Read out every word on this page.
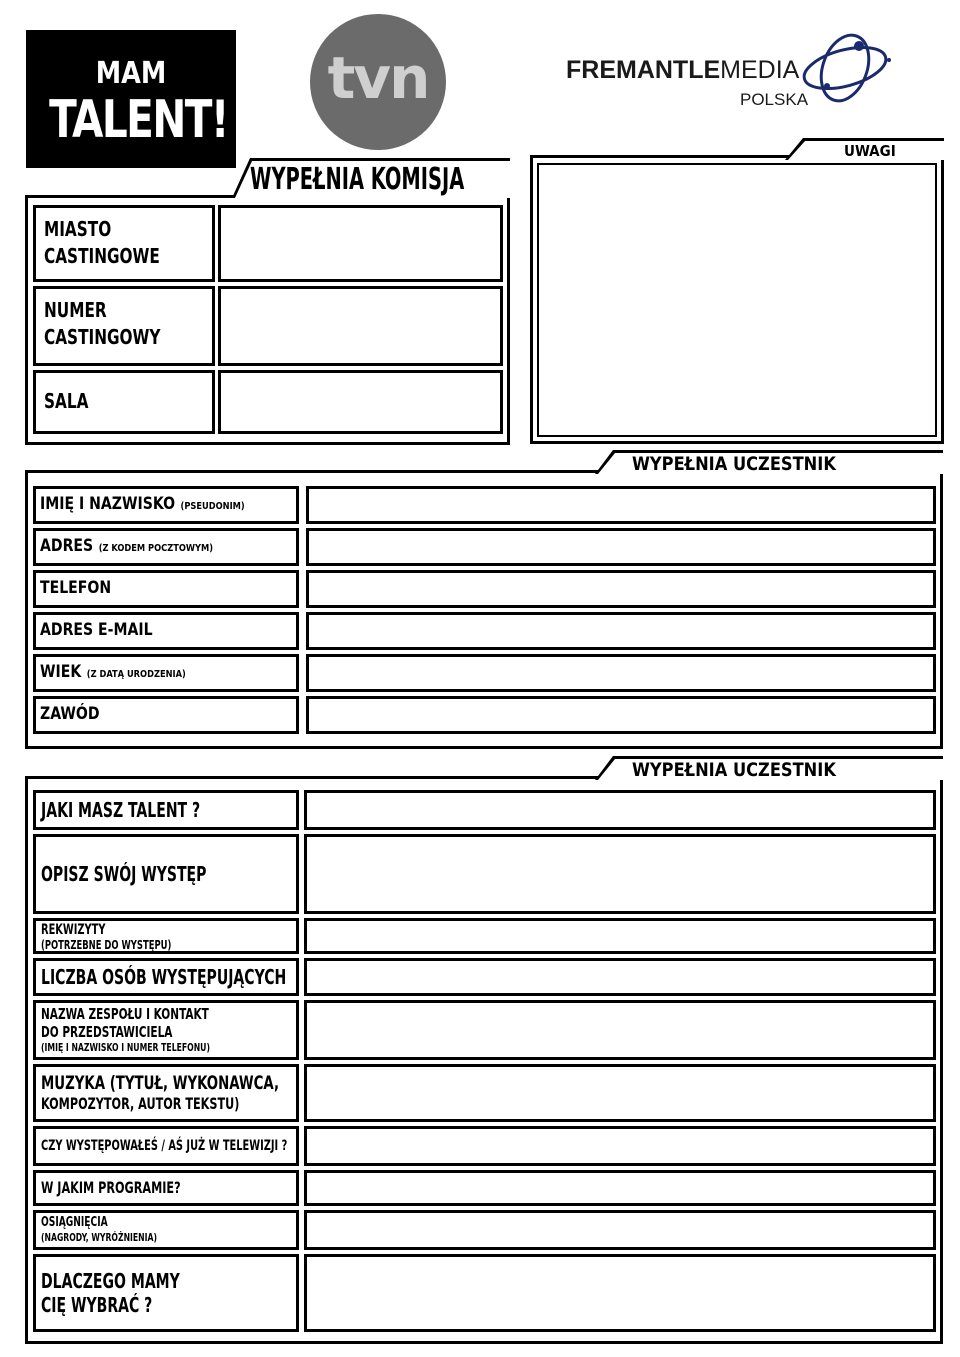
MAM
TALENT!
tvn	FREMANTLEMEDIA
POLSKA
WYPEŁNIA KOMISJA
MIASTO
CASTINGOWE
NUMER
CASTINGOWY
SALA
UWAGI
WYPEŁNIA UCZESTNIK
IMIĘ I NAZWISKO (PSEUDONIM)
ADRES (Z KODEM POCZTOWYM)
TELEFON
ADRES E-MAIL
WIEK (Z DATĄ URODZENIA)
ZAWÓD
WYPEŁNIA UCZESTNIK
JAKI MASZ TALENT ?
OPISZ SWÓJ WYSTĘP
REKWIZYTY
(POTRZEBNE DO WYSTĘPU)
LICZBA OSÓB WYSTĘPUJĄCYCH
NAZWA ZESPOŁU I KONTAKT
DO PRZEDSTAWICIELA
(IMIĘ I NAZWISKO I NUMER TELEFONU)
MUZYKA (TYTUŁ, WYKONAWCA,
KOMPOZYTOR, AUTOR TEKSTU)
CZY WYSTĘPOWAŁEŚ / AŚ JUŻ W TELEWIZJI ?
W JAKIM PROGRAMIE?
OSIĄGNIĘCIA
(NAGRODY, WYRÓŻNIENIA)
DLACZEGO MAMY
CIĘ WYBRAĆ ?
